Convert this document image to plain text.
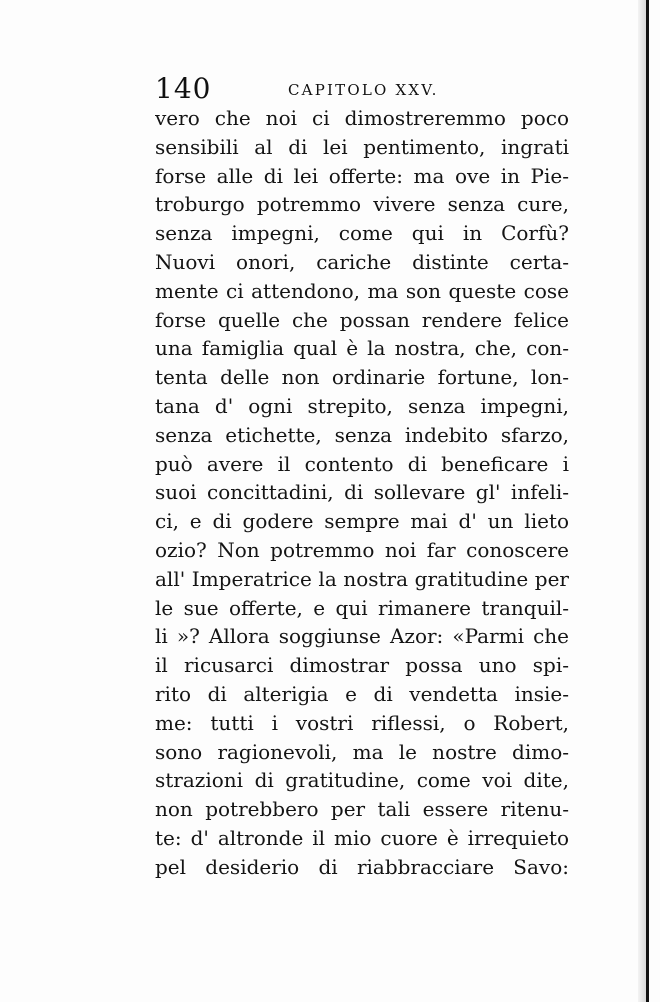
140	CAPITOLO XXV.
vero che noi ci dimostreremmo poco
sensibili al di lei pentimento, ingrati
forse alle di lei offerte: ma ove in Pie-
troburgo potremmo vivere senza cure,
senza impegni, come qui in Corfù?
Nuovi onori, cariche distinte certa-
mente ci attendono, ma son queste cose
forse quelle che possan rendere felice
una famiglia qual è la nostra, che, con-
tenta delle non ordinarie fortune, lon-
tana d' ogni strepito, senza impegni,
senza etichette, senza indebito sfarzo,
può avere il contento di beneficare i
suoi concittadini, di sollevare gl' infeli-
ci, e di godere sempre mai d' un lieto
ozio? Non potremmo noi far conoscere
all' Imperatrice la nostra gratitudine per
le sue offerte, e qui rimanere tranquil-
li »? Allora soggiunse Azor: «Parmi che
il ricusarci dimostrar possa uno spi-
rito di alterigia e di vendetta insie-
me: tutti i vostri riflessi, o Robert,
sono ragionevoli, ma le nostre dimo-
strazioni di gratitudine, come voi dite,
non potrebbero per tali essere ritenu-
te: d' altronde il mio cuore è irrequieto
pel desiderio di riabbracciare Savo:
